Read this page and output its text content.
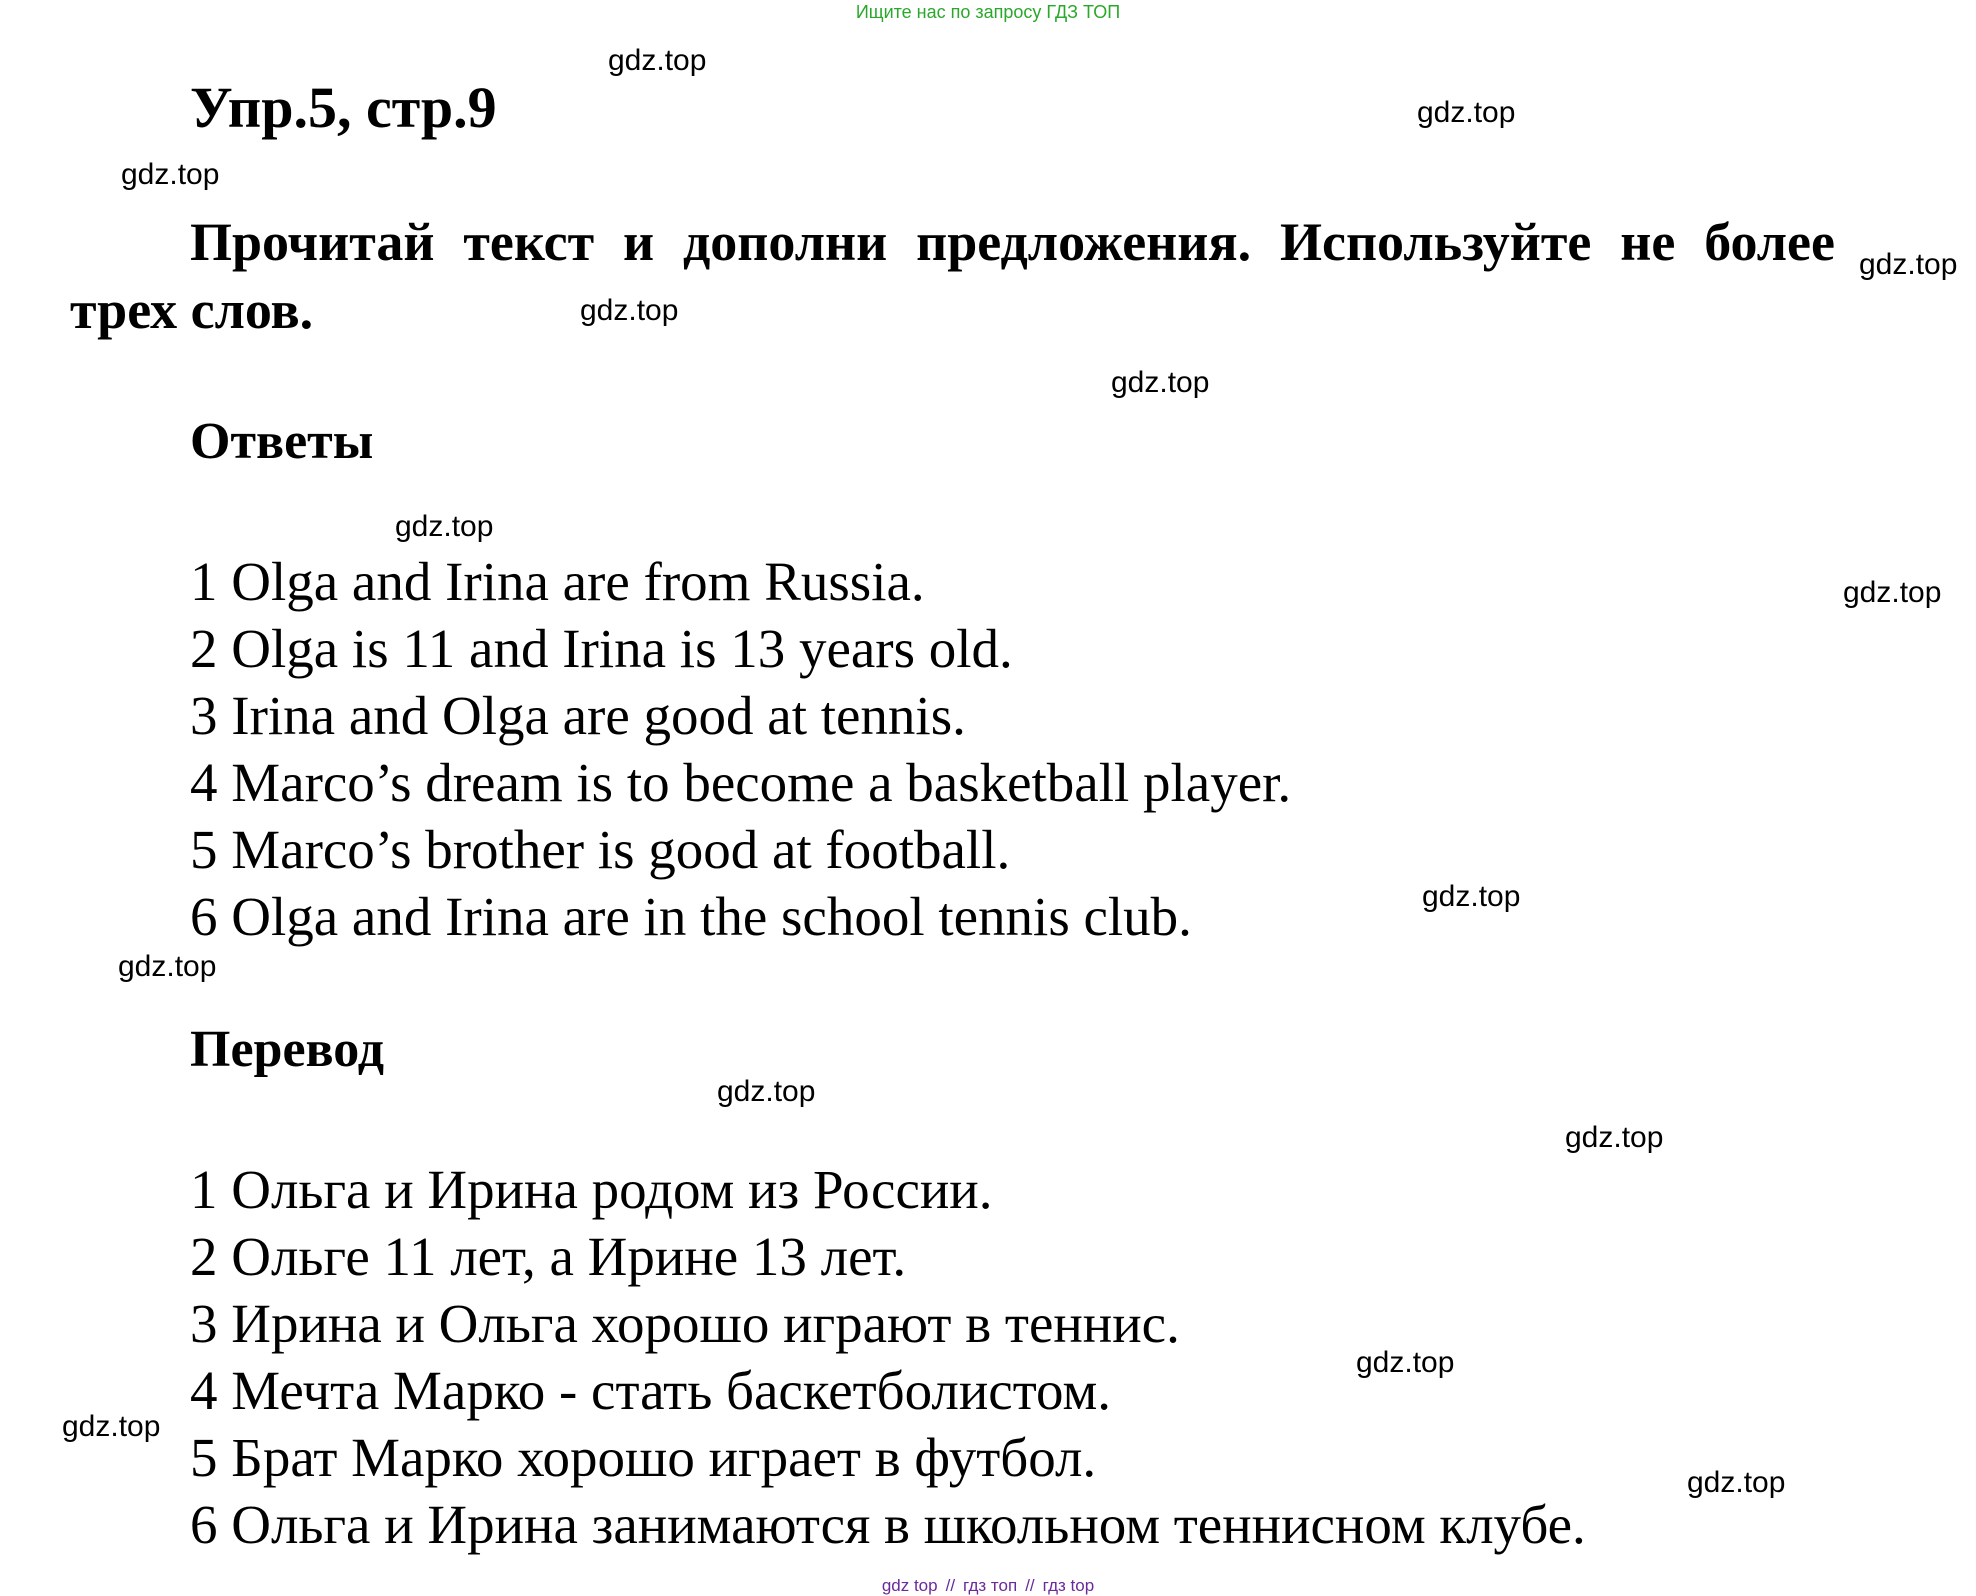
Ищите нас по запросу ГДЗ ТОП
Упр.5, стр.9
Прочитай текст и дополни предложения. Используйте не более трех слов.
Ответы
1 Olga and Irina are from Russia.
2 Olga is 11 and Irina is 13 years old.
3 Irina and Olga are good at tennis.
4 Marco’s dream is to become a basketball player.
5 Marco’s brother is good at football.
6 Olga and Irina are in the school tennis club.
Перевод
1 Ольга и Ирина родом из России.
2 Ольге 11 лет, а Ирине 13 лет.
3 Ирина и Ольга хорошо играют в теннис.
4 Мечта Марко - стать баскетболистом.
5 Брат Марко хорошо играет в футбол.
6 Ольга и Ирина занимаются в школьном теннисном клубе.
gdz.top
gdz.top
gdz.top
gdz.top
gdz.top
gdz.top
gdz.top
gdz.top
gdz.top
gdz.top
gdz.top
gdz.top
gdz.top
gdz.top
gdz.top
gdz top // гдз топ // гдз top
